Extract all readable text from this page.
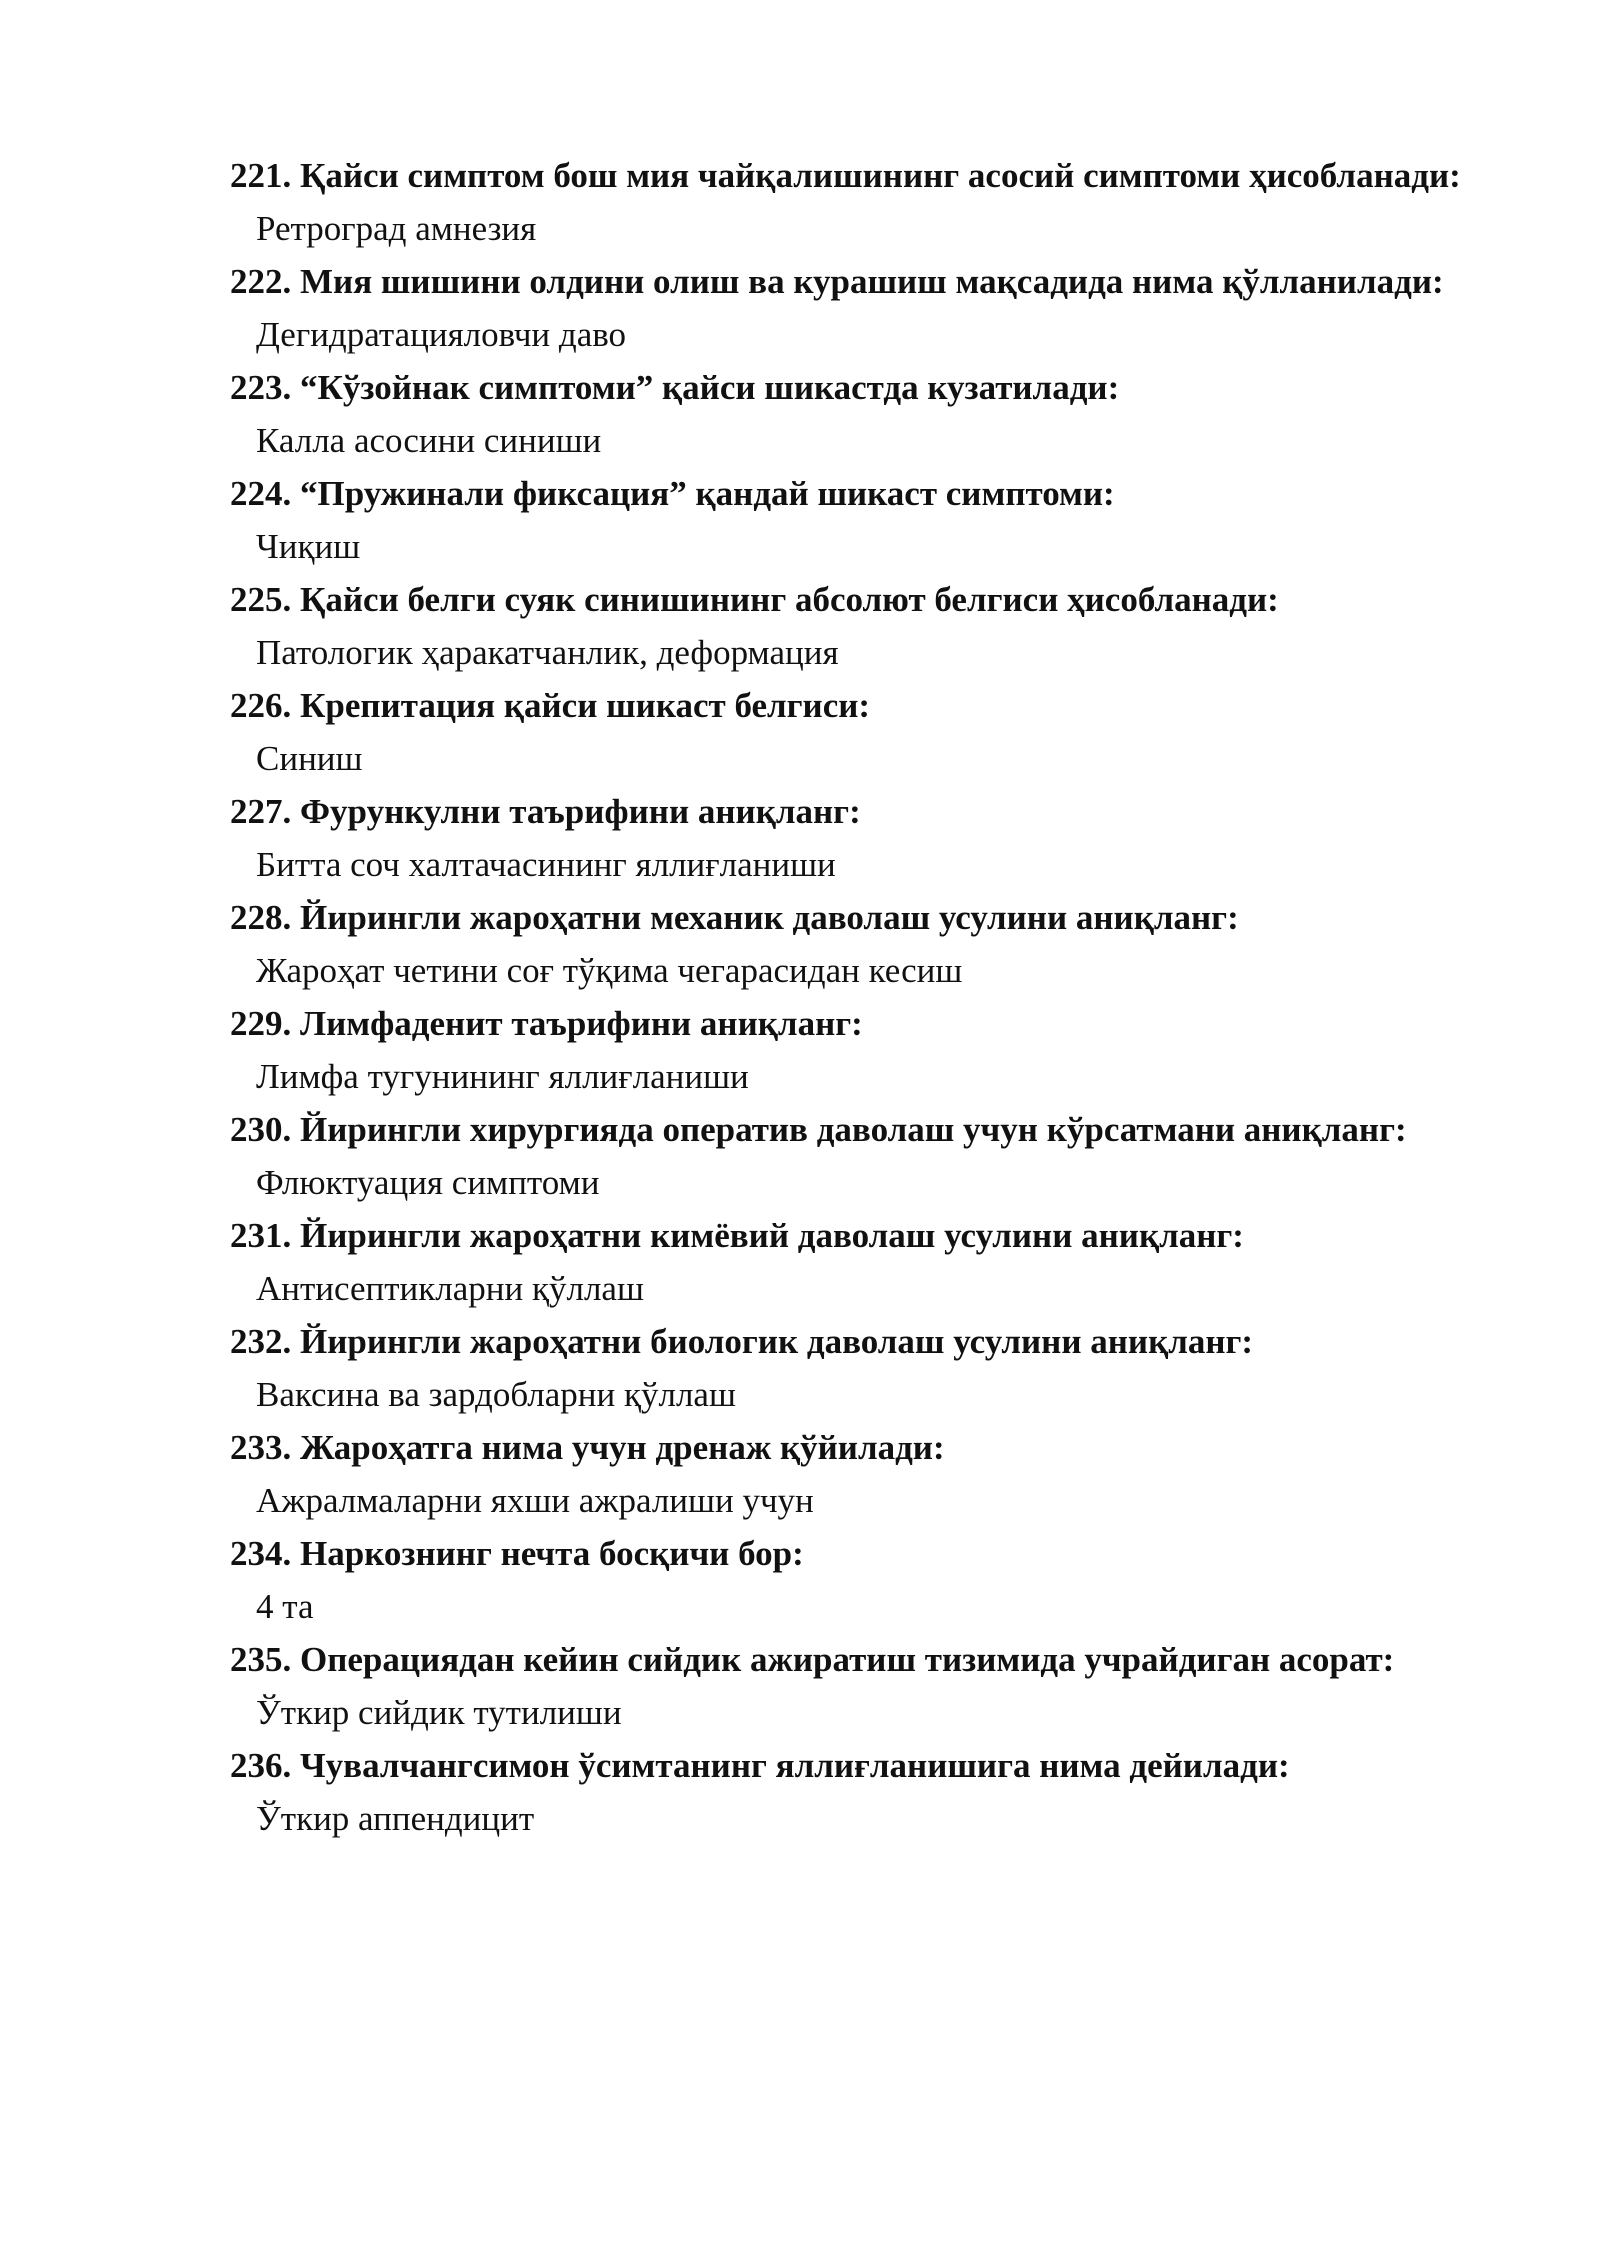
221. Қайси симптом бош мия чайқалишининг асосий симптоми ҳисобланади:

Ретроград амнезия

222. Мия шишини олдини олиш ва курашиш мақсадида нима қўлланилади:

Дегидратацияловчи даво

223. “Кўзойнак симптоми” қайси шикастда кузатилади:

Калла асосини синиши

224. “Пружинали фиксация” қандай шикаст симптоми:

Чиқиш

225. Қайси белги суяк синишининг абсолют белгиси ҳисобланади:

Патологик ҳаракатчанлик, деформация

226. Крепитация қайси шикаст белгиси:

Синиш

227. Фурункулни таърифини аниқланг:

Битта соч халтачасининг яллиғланиши

228. Йирингли жароҳатни механик даволаш усулини аниқланг:

Жароҳат четини соғ тўқима чегарасидан кесиш

229. Лимфаденит таърифини аниқланг:

Лимфа тугунининг яллиғланиши

230. Йирингли хирургияда оператив даволаш учун кўрсатмани аниқланг:

Флюктуация симптоми

231. Йирингли жароҳатни кимёвий даволаш усулини аниқланг:

Антисептикларни қўллаш

232. Йирингли жароҳатни биологик даволаш усулини аниқланг:

Ваксина ва зардобларни қўллаш

233. Жароҳатга нима учун дренаж қўйилади:

Ажралмаларни яхши ажралиши учун

234. Наркознинг нечта босқичи бор:

4 та

235. Операциядан кейин сийдик ажиратиш тизимида учрайдиган асорат:

Ўткир сийдик тутилиши

236. Чувалчангсимон ўсимтанинг яллиғланишига нима дейилади:

Ўткир аппендицит
